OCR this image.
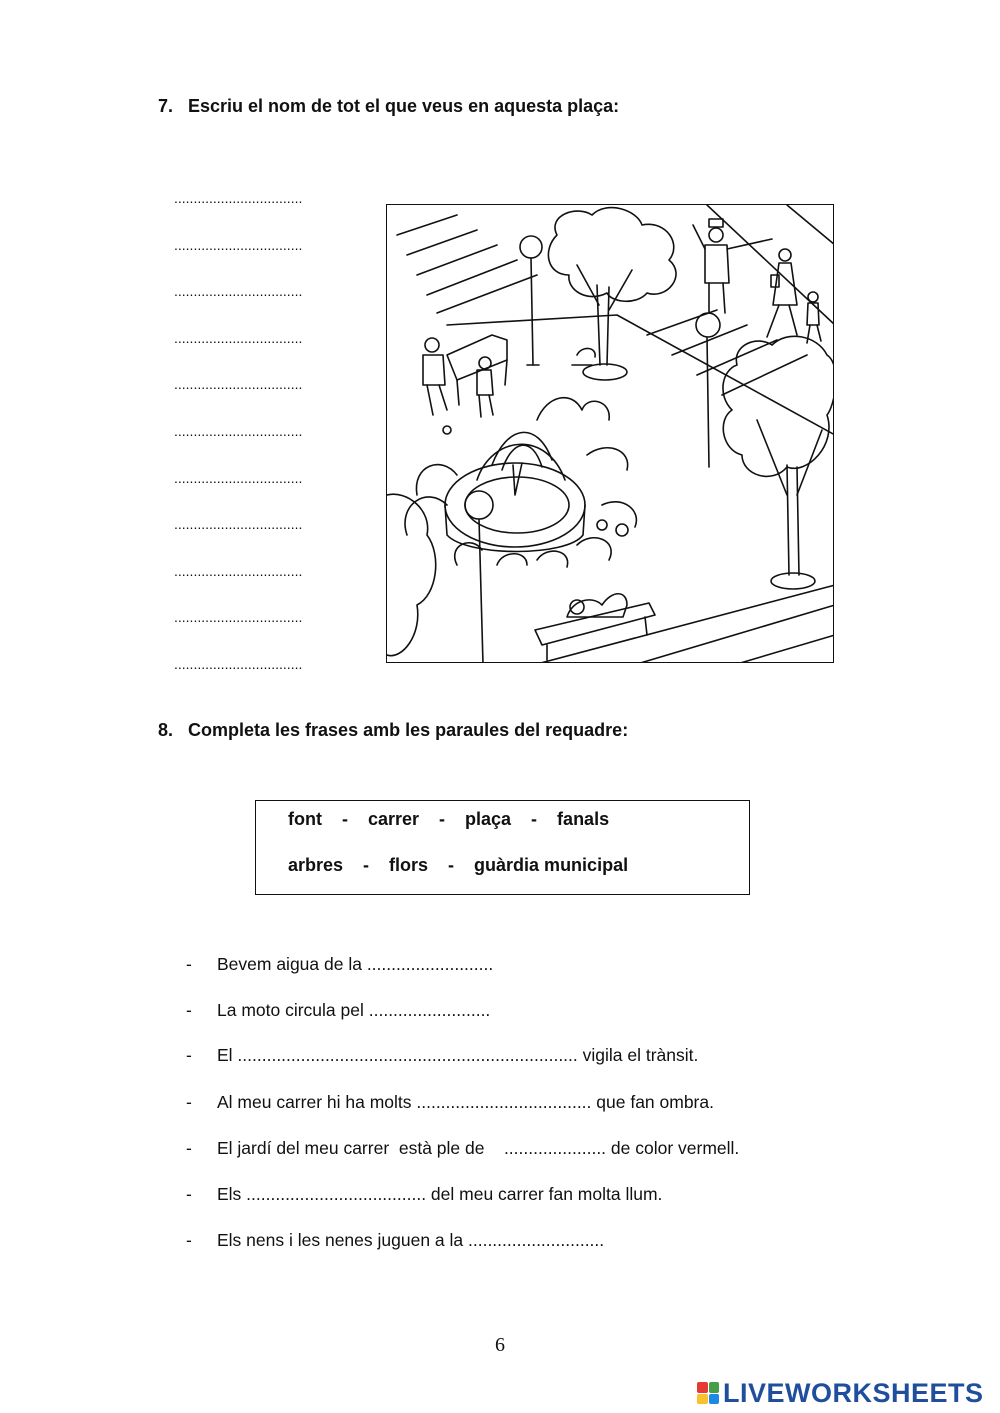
7. Escriu el nom de tot el que veus en aquesta plaça:
.................................
.................................
.................................
.................................
.................................
.................................
.................................
.................................
.................................
.................................
.................................
8. Completa les frases amb les paraules del requadre:
font    -    carrer    -    plaça    -    fanals
arbres    -    flors    -    guàrdia municipal
- Bevem aigua de la ..........................
- La moto circula pel .........................
- El ...................................................................... vigila el trànsit.
- Al meu carrer hi ha molts .................................... que fan ombra.
- El jardí del meu carrer  està ple de    ..................... de color vermell.
- Els ..................................... del meu carrer fan molta llum.
- Els nens i les nenes juguen a la ............................
6
LIVEWORKSHEETS
